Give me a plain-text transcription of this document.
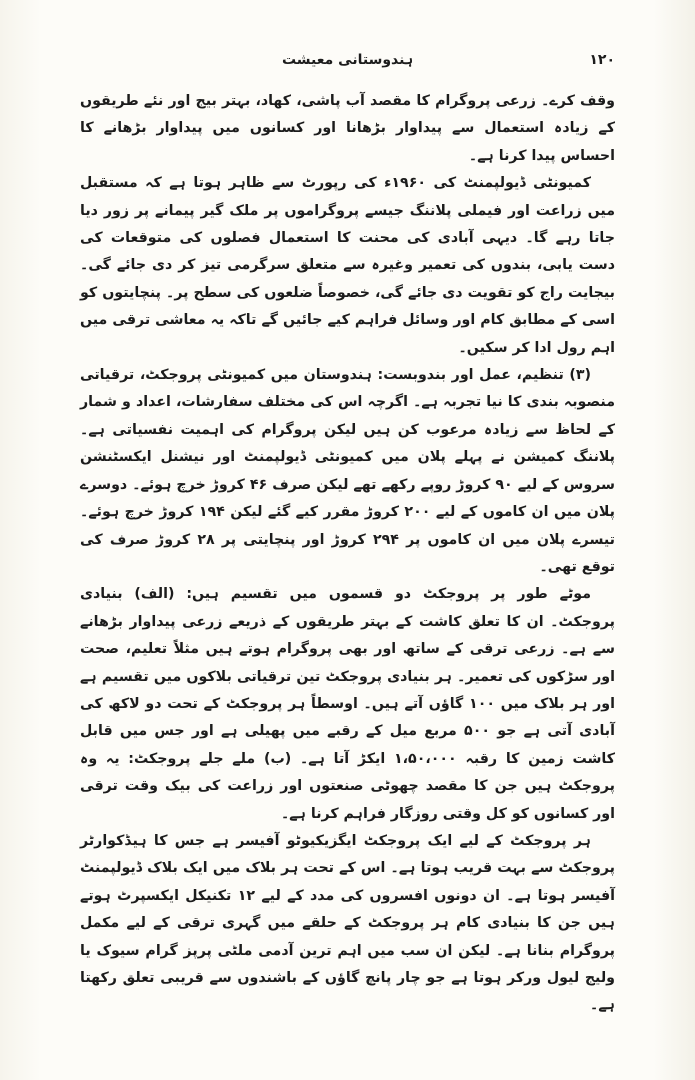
۱۲۰
ہندوستانی معیشت

وقف کرے۔ زرعی پروگرام کا مقصد آب پاشی، کھاد، بہتر بیج اور نئے طریقوں کے زیادہ استعمال سے پیداوار بڑھانا اور کسانوں میں پیداوار بڑھانے کا احساس پیدا کرنا ہے۔

کمیونٹی ڈیولپمنٹ کی ۱۹۶۰ء کی رپورٹ سے ظاہر ہوتا ہے کہ مستقبل میں زراعت اور فیملی پلاننگ جیسے پروگراموں پر ملک گیر پیمانے پر زور دیا جاتا رہے گا۔ دیہی آبادی کی محنت کا استعمال فصلوں کی متوقعات کی دست یابی، بندوں کی تعمیر وغیرہ سے متعلق سرگرمی تیز کر دی جائے گی۔ بیجایت راج کو تقویت دی جائے گی، خصوصاً ضلعوں کی سطح پر۔ پنچایتوں کو اسی کے مطابق کام اور وسائل فراہم کیے جائیں گے تاکہ یہ معاشی ترقی میں اہم رول ادا کر سکیں۔

(۳) تنظیم، عمل اور بندوبست: ہندوستان میں کمیونٹی پروجکٹ، ترقیاتی منصوبہ بندی کا نیا تجربہ ہے۔ اگرچہ اس کی مختلف سفارشات، اعداد و شمار کے لحاظ سے زیادہ مرعوب کن ہیں لیکن پروگرام کی اہمیت نفسیاتی ہے۔ پلاننگ کمیشن نے پہلے پلان میں کمیونٹی ڈیولپمنٹ اور نیشنل ایکسٹنشن سروس کے لیے ۹۰ کروڑ روپے رکھے تھے لیکن صرف ۴۶ کروڑ خرچ ہوئے۔ دوسرے پلان میں ان کاموں کے لیے ۲۰۰ کروڑ مقرر کیے گئے لیکن ۱۹۴ کروڑ خرچ ہوئے۔ تیسرے پلان میں ان کاموں پر ۲۹۴ کروڑ اور پنچایتی پر ۲۸ کروڑ صرف کی توقع تھی۔

موٹے طور پر پروجکٹ دو قسموں میں تقسیم ہیں: (الف) بنیادی پروجکٹ۔ ان کا تعلق کاشت کے بہتر طریقوں کے ذریعے زرعی پیداوار بڑھانے سے ہے۔ زرعی ترقی کے ساتھ اور بھی پروگرام ہوتے ہیں مثلاً تعلیم، صحت اور سڑکوں کی تعمیر۔ ہر بنیادی پروجکٹ تین ترقیاتی بلاکوں میں تقسیم ہے اور ہر بلاک میں ۱۰۰ گاؤں آتے ہیں۔ اوسطاً ہر پروجکٹ کے تحت دو لاکھ کی آبادی آتی ہے جو ۵۰۰ مربع میل کے رقبے میں پھیلی ہے اور جس میں قابل کاشت زمین کا رقبہ ۱،۵۰،۰۰۰ ایکڑ آتا ہے۔ (ب) ملے جلے پروجکٹ: یہ وہ پروجکٹ ہیں جن کا مقصد چھوٹی صنعتوں اور زراعت کی بیک وقت ترقی اور کسانوں کو کل وقتی روزگار فراہم کرنا ہے۔

ہر پروجکٹ کے لیے ایک پروجکٹ ایگزیکیوٹو آفیسر ہے جس کا ہیڈکوارٹر پروجکٹ سے بہت قریب ہوتا ہے۔ اس کے تحت ہر بلاک میں ایک بلاک ڈیولپمنٹ آفیسر ہوتا ہے۔ ان دونوں افسروں کی مدد کے لیے ۱۲ تکنیکل ایکسپرٹ ہوتے ہیں جن کا بنیادی کام ہر پروجکٹ کے حلقے میں گہری ترقی کے لیے مکمل پروگرام بنانا ہے۔ لیکن ان سب میں اہم ترین آدمی ملٹی پرپز گرام سیوک یا ولیج لیول ورکر ہوتا ہے جو چار پانچ گاؤں کے باشندوں سے قریبی تعلق رکھتا ہے۔
